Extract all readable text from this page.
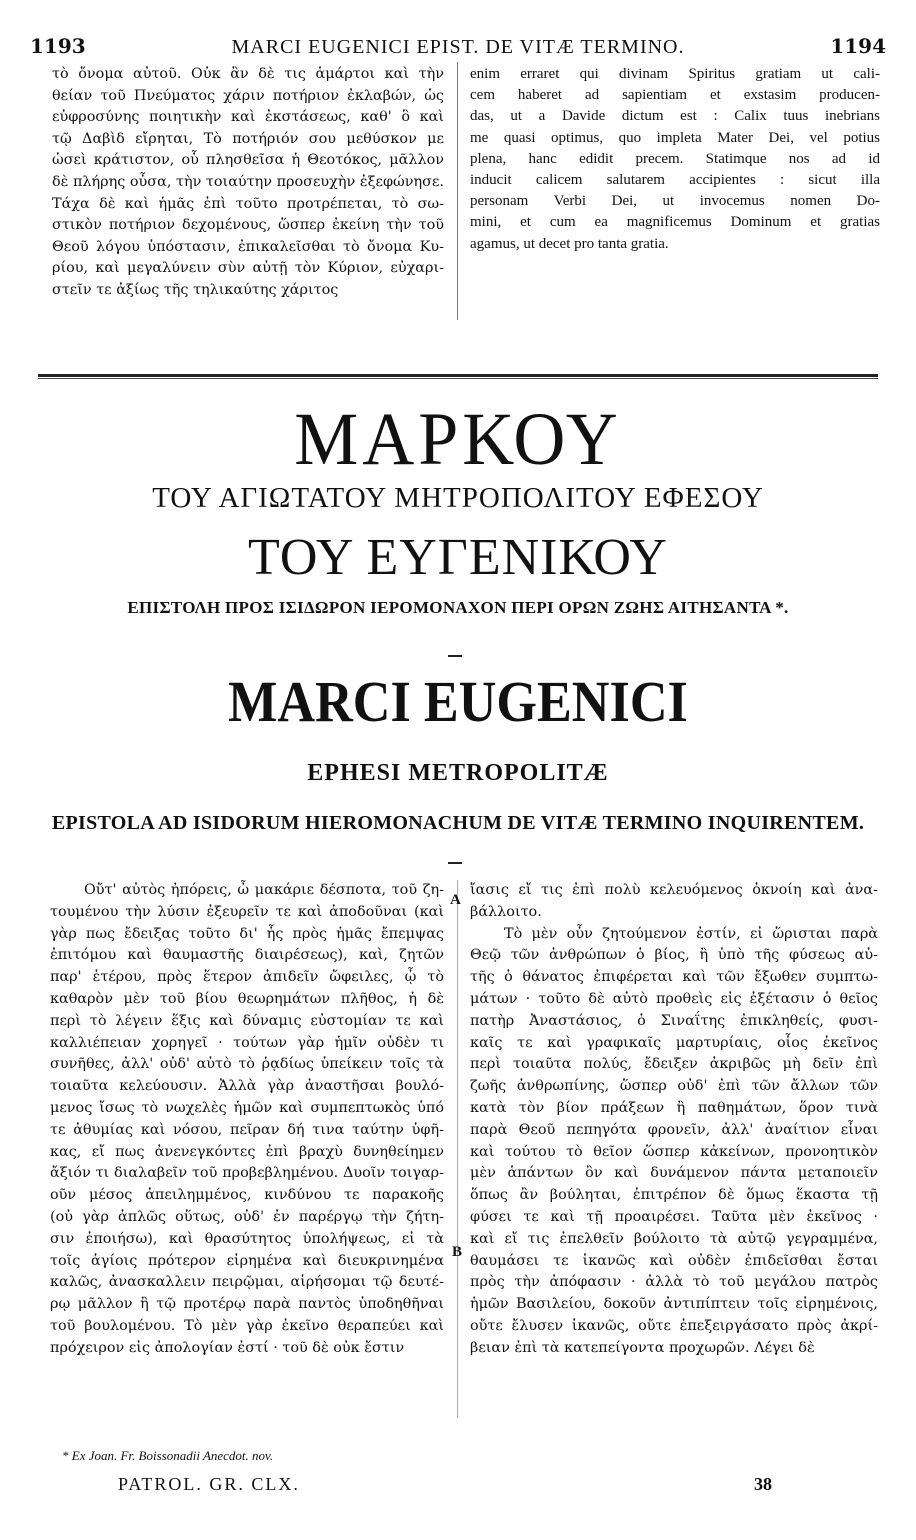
1193	MARCI EUGENICI EPIST. DE VITÆ TERMINO.	1194
τὸ ὄνομα αὐτοῦ. Οὐκ ἂν δὲ τις ἁμάρτοι καὶ τὴν
θείαν τοῦ Πνεύματος χάριν ποτήριον ἐκλαβών, ὡς
εὐφροσύνης ποιητικὴν καὶ ἐκστάσεως, καθ' ὃ καὶ
τῷ Δαβὶδ εἴρηται, Τὸ ποτήριόν σου μεθύσκον με
ὡσεὶ κράτιστον, οὗ πλησθεῖσα ἡ Θεοτόκος, μᾶλλον
δὲ πλήρης οὖσα, τὴν τοιαύτην προσευχὴν ἐξεφώνησε.
Τάχα δὲ καὶ ἡμᾶς ἐπὶ τοῦτο προτρέπεται, τὸ σω-
στικὸν ποτήριον δεχομένους, ὥσπερ ἐκείνη τὴν τοῦ
Θεοῦ λόγου ὑπόστασιν, ἐπικαλεῖσθαι τὸ ὄνομα Κυ-
ρίου, καὶ μεγαλύνειν σὺν αὐτῇ τὸν Κύριον, εὐχαρι-
στεῖν τε ἀξίως τῆς τηλικαύτης χάριτος
enim erraret qui divinam Spiritus gratiam ut cali-
cem haberet ad sapientiam et exstasim producen-
das, ut a Davide dictum est : Calix tuus inebrians
me quasi optimus, quo impleta Mater Dei, vel potius
plena, hanc edidit precem. Statimque nos ad id
inducit calicem salutarem accipientes : sicut illa
personam Verbi Dei, ut invocemus nomen Do-
mini, et cum ea magnificemus Dominum et gratias
agamus, ut decet pro tanta gratia.
ΜΑΡΚΟΥ
ΤΟΥ ΑΓΙΩΤΑΤΟΥ ΜΗΤΡΟΠΟΛΙΤΟΥ ΕΦΕΣΟΥ
ΤΟΥ ΕΥΓΕΝΙΚΟΥ
ΕΠΙΣΤΟΛΗ ΠΡΟΣ ΙΣΙΔΩΡΟΝ ΙΕΡΟΜΟΝΑΧΟΝ ΠΕΡΙ ΟΡΩΝ ΖΩΗΣ ΑΙΤΗΣΑΝΤΑ *.
MARCI EUGENICI
EPHESI METROPOLITÆ
EPISTOLA AD ISIDORUM HIEROMONACHUM DE VITÆ TERMINO INQUIRENTEM.
Οὔτ' αὐτὸς ἠπόρεις, ὦ μακάριε δέσποτα, τοῦ ζη-
τουμένου τὴν λύσιν ἐξευρεῖν τε καὶ ἀποδοῦναι (καὶ
γὰρ πως ἔδειξας τοῦτο δι' ἧς πρὸς ἡμᾶς ἔπεμψας
ἐπιτόμου καὶ θαυμαστῆς διαιρέσεως), καὶ, ζητῶν
παρ' ἑτέρου, πρὸς ἕτερον ἀπιδεῖν ὤφειλες, ᾧ τὸ
καθαρὸν μὲν τοῦ βίου θεωρημάτων πλῆθος, ἡ δὲ
περὶ τὸ λέγειν ἕξις καὶ δύναμις εὐστομίαν τε καὶ
καλλιέπειαν χορηγεῖ · τούτων γὰρ ἡμῖν οὐδὲν τι
συνῆθες, ἀλλ' οὐδ' αὐτὸ τὸ ῥᾳδίως ὑπείκειν τοῖς τὰ
τοιαῦτα κελεύουσιν. Ἀλλὰ γὰρ ἀναστῆσαι βουλό-
μενος ἴσως τὸ νωχελὲς ἡμῶν καὶ συμπεπτωκὸς ὑπό
τε ἀθυμίας καὶ νόσου, πεῖραν δή τινα ταύτην ὑφῆ-
κας, εἴ πως ἀνενεγκόντες ἐπὶ βραχὺ δυνηθείημεν
ἄξιόν τι διαλαβεῖν τοῦ προβεβλημένου. Δυοῖν τοιγαρ-
οῦν μέσος ἀπειλημμένος, κινδύνου τε παρακοῆς
(οὐ γὰρ ἁπλῶς οὕτως, οὐδ' ἐν παρέργῳ τὴν ζήτη-
σιν ἐποιήσω), καὶ θρασύτητος ὑπολήψεως, εἰ τὰ
τοῖς ἁγίοις πρότερον εἰρημένα καὶ διευκρινημένα
καλῶς, ἀνασκαλλειν πειρῷμαι, αἱρήσομαι τῷ δευτέ-
ρῳ μᾶλλον ἢ τῷ προτέρῳ παρὰ παντὸς ὑποδηθῆναι
τοῦ βουλομένου. Τὸ μὲν γὰρ ἐκεῖνο θεραπεύει καὶ
πρόχειρον εἰς ἀπολογίαν ἐστί · τοῦ δὲ οὐκ ἔστιν
ἴασις εἴ τις ἐπὶ πολὺ κελευόμενος ὀκνοίη καὶ ἀνα-
βάλλοιτο.
Τὸ μὲν οὖν ζητούμενον ἐστίν, εἰ ὥρισται παρὰ
Θεῷ τῶν ἀνθρώπων ὁ βίος, ἢ ὑπὸ τῆς φύσεως αὐ-
τῆς ὁ θάνατος ἐπιφέρεται καὶ τῶν ἔξωθεν συμπτω-
μάτων · τοῦτο δὲ αὐτὸ προθεὶς εἰς ἐξέτασιν ὁ θεῖος
πατὴρ Ἀναστάσιος, ὁ Σιναΐτης ἐπικληθείς, φυσι-
καῖς τε καὶ γραφικαῖς μαρτυρίαις, οἷος ἐκεῖνος
περὶ τοιαῦτα πολύς, ἔδειξεν ἀκριβῶς μὴ δεῖν ἐπὶ
ζωῆς ἀνθρωπίνης, ὥσπερ οὐδ' ἐπὶ τῶν ἄλλων τῶν
κατὰ τὸν βίον πράξεων ἢ παθημάτων, ὅρον τινὰ
παρὰ Θεοῦ πεπηγότα φρονεῖν, ἀλλ' ἀναίτιον εἶναι
καὶ τούτου τὸ θεῖον ὥσπερ κἀκείνων, προνοητικὸν
μὲν ἁπάντων ὂν καὶ δυνάμενον πάντα μεταποιεῖν
ὅπως ἂν βούληται, ἐπιτρέπον δὲ ὅμως ἕκαστα τῇ
φύσει τε καὶ τῇ προαιρέσει. Ταῦτα μὲν ἐκεῖνος ·
καὶ εἴ τις ἐπελθεῖν βούλοιτο τὰ αὐτῷ γεγραμμένα,
θαυμάσει τε ἱκανῶς καὶ οὐδὲν ἐπιδεῖσθαι ἔσται
πρὸς τὴν ἀπόφασιν · ἀλλὰ τὸ τοῦ μεγάλου πατρὸς
ἡμῶν Βασιλείου, δοκοῦν ἀντιπίπτειν τοῖς εἰρημένοις,
οὔτε ἔλυσεν ἱκανῶς, οὔτε ἐπεξειργάσατο πρὸς ἀκρί-
βειαν ἐπὶ τὰ κατεπείγοντα προχωρῶν. Λέγει δὲ
A
B
* Ex Joan. Fr. Boissonadii Anecdot. nov.
PATROL. GR. CLX.	38
